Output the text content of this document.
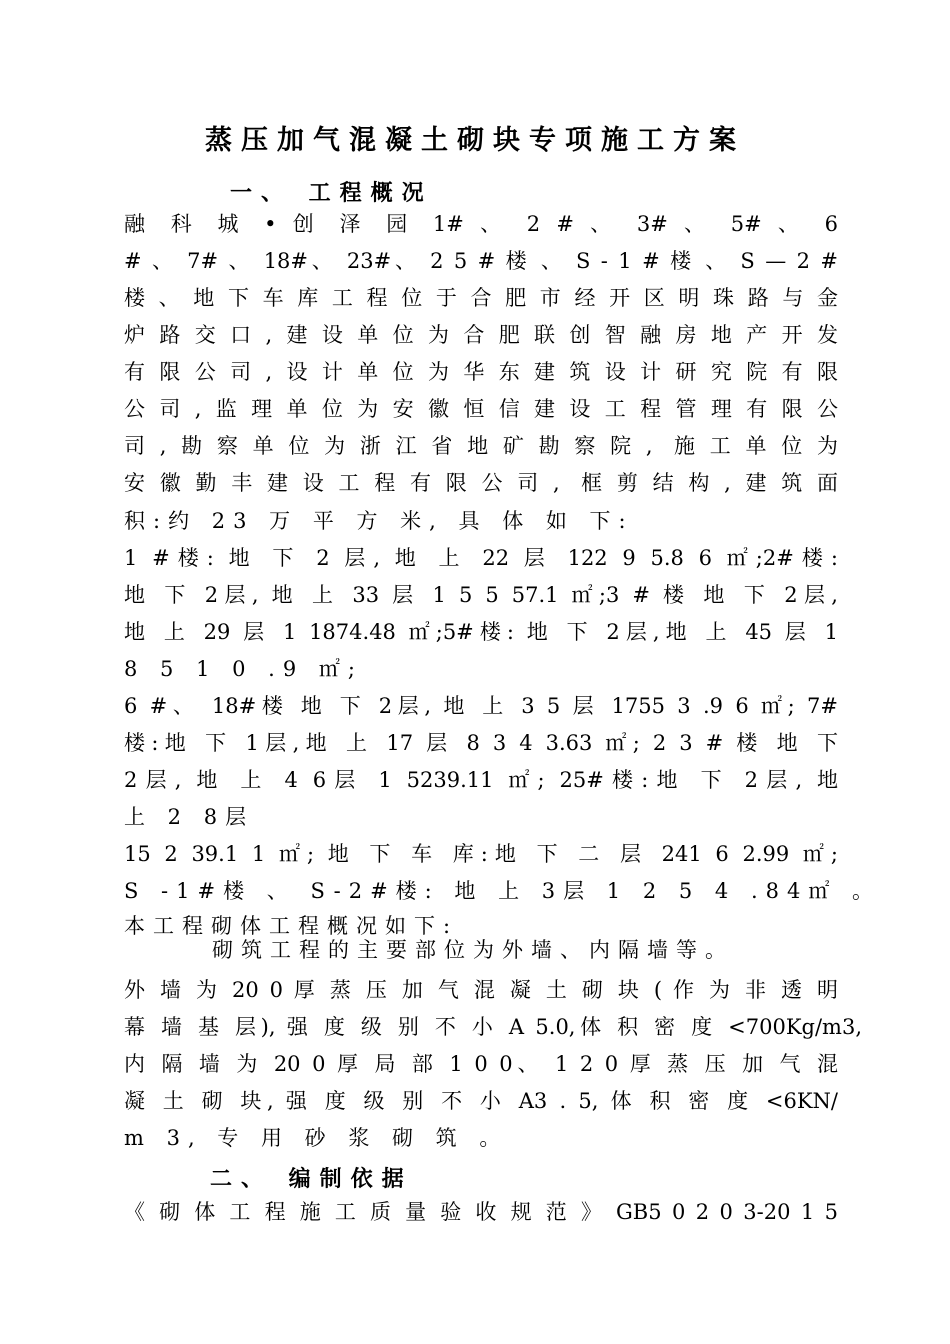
蒸压加气混凝土砌块专项施工方案
一、 工程概况
融 科 城 • 创 泽 园 1# 、 2 # 、 3# 、 5# 、 6
# 、 7# 、 18#、 23#、 2 5 # 楼 、 S - 1 # 楼 、 S — 2 #
楼、地下车库工程位于合肥市经开区明珠路与金
炉路交口,建设单位为合肥联创智融房地产开发
有限公司,设计单位为华东建筑设计研究院有限
公司,监理单位为安徽恒信建设工程管理有限公
司,勘察单位为浙江省地矿勘察院, 施工单位为
安徽勤丰建设工程有限公司, 框剪结构,建筑面
积:约 23 万 平 方 米, 具 体 如 下:
1 #楼: 地 下 2 层, 地 上 22 层 122 9 5.8 6 ㎡;2#楼:
地 下 2层, 地 上 33 层 1 5 5 57.1 ㎡;3 # 楼 地 下 2层,
地 上 29 层 1 1874.48 ㎡;5#楼: 地 下 2层,地 上 45 层 1
8 5 1 0 .9 ㎡;
6 #、 18#楼 地 下 2层, 地 上 3 5 层 1755 3 .9 6 ㎡; 7#
楼:地 下 1层,地 上 17 层 8 3 4 3.63 ㎡; 2 3 # 楼 地 下
2层, 地 上 4 6层 1 5239.11 ㎡; 25#楼:地 下 2层, 地
上 2 8层
15 2 39.1 1 ㎡; 地 下 车 库:地 下 二 层 241 6 2.99 ㎡;
S -1#楼 、 S-2#楼: 地 上 3层 1 2 5 4 .84㎡ 。
本工程砌体工程概况如下:
砌筑工程的主要部位为外墙、内隔墙等。
外 墙 为 20 0 厚 蒸 压 加 气 混 凝 土 砌 块 ( 作 为 非 透 明
幕 墙 基 层), 强 度 级 别 不 小 A 5.0,体 积 密 度 <700Kg/m3,
内 隔 墙 为 20 0 厚 局 部 1 0 0、 1 2 0 厚 蒸 压 加 气 混
凝 土 砌 块, 强 度 级 别 不 小 A3 . 5, 体 积 密 度 <6KN/
m 3, 专 用 砂 浆 砌 筑 。
二、 编制依据
《 砌 体 工 程 施 工 质 量 验 收 规 范 》 GB5 0 2 0 3-20 1 5
